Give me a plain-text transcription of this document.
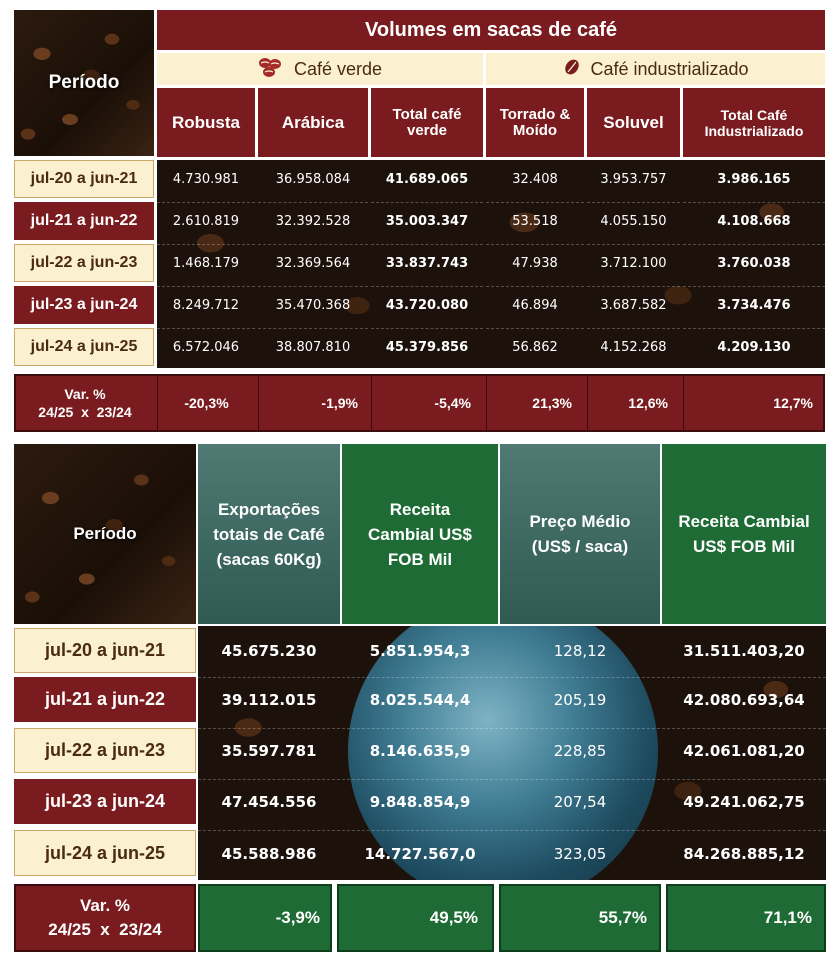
Período
Volumes em sacas de café
Café verde	Café industrializado
Robusta	Arábica	Total café verde
Torrado & Moído	Soluvel	Total Café Industrializado
jul-20 a jun-21	4.730.981	36.958.084	41.689.065	32.408	3.953.757	3.986.165
jul-21 a jun-22	2.610.819	32.392.528	35.003.347	53.518	4.055.150	4.108.668
jul-22 a jun-23	1.468.179	32.369.564	33.837.743	47.938	3.712.100	3.760.038
jul-23 a jun-24	8.249.712	35.470.368	43.720.080	46.894	3.687.582	3.734.476
jul-24 a jun-25	6.572.046	38.807.810	45.379.856	56.862	4.152.268	4.209.130
Var. %
24/25  x  23/24
-20,3%	-1,9%	-5,4%	21,3%	12,6%	12,7%
Período
Exportações totais de Café (sacas 60Kg)
Receita Cambial US$ FOB Mil
Preço Médio (US$ / saca)
Receita Cambial US$ FOB Mil
jul-20 a jun-21	45.675.230	5.851.954,3	128,12	31.511.403,20
jul-21 a jun-22	39.112.015	8.025.544,4	205,19	42.080.693,64
jul-22 a jun-23	35.597.781	8.146.635,9	228,85	42.061.081,20
jul-23 a jun-24	47.454.556	9.848.854,9	207,54	49.241.062,75
jul-24 a jun-25	45.588.986	14.727.567,0	323,05	84.268.885,12
Var. %
24/25  x  23/24
-3,9%	49,5%	55,7%	71,1%
